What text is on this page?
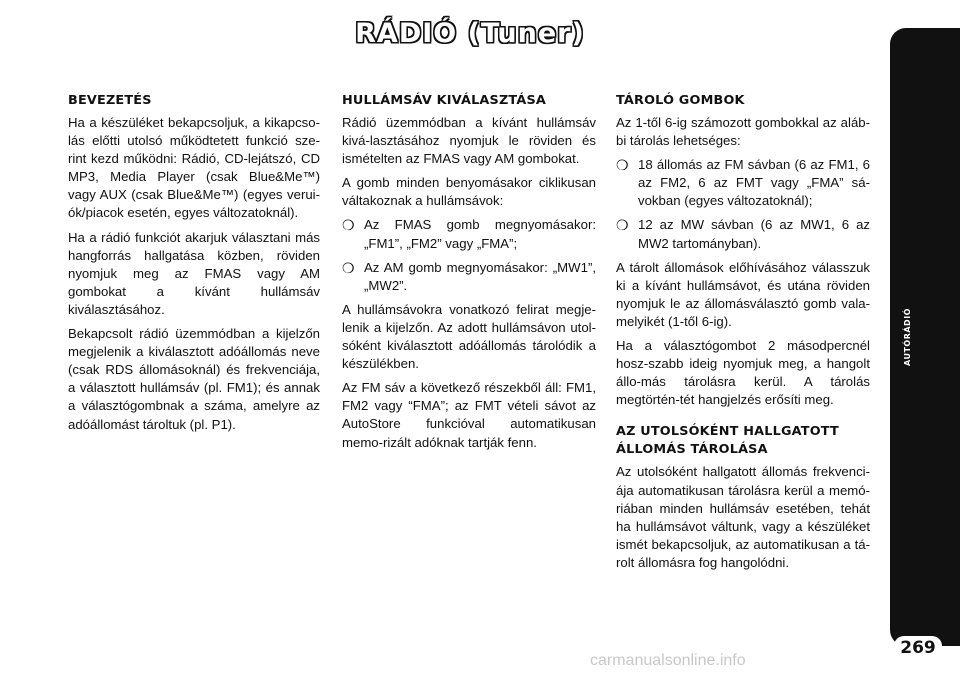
RÁDIÓ (Tuner)
BEVEZETÉS

Ha a készüléket bekapcsoljuk, a kikapcso-lás előtti utolsó működtetett funkció sze-rint kezd működni: Rádió, CD-lejátszó, CD MP3, Media Player (csak Blue&Me™) vagy AUX (csak Blue&Me™) (egyes verui-ók/piacok esetén, egyes változatoknál).

Ha a rádió funkciót akarjuk választani más hangforrás hallgatása közben, röviden nyomjuk meg az FMAS vagy AM gombokat a kívánt hullámsáv kiválasztásához.

Bekapcsolt rádió üzemmódban a kijelzőn megjelenik a kiválasztott adóállomás neve (csak RDS állomásoknál) és frekvenciája, a választott hullámsáv (pl. FM1); és annak a választógombnak a száma, amelyre az adóállomást tároltuk (pl. P1).

HULLÁMSÁV KIVÁLASZTÁSA

Rádió üzemmódban a kívánt hullámsáv kivá-lasztásához nyomjuk le röviden és ismételten az FMAS vagy AM gombokat.

A gomb minden benyomásakor ciklikusan váltakoznak a hullámsávok:

❍ Az FMAS gomb megnyomásakor: „FM1”, „FM2” vagy „FMA”;
❍ Az AM gomb megnyomásakor: „MW1”, „MW2”.

A hullámsávokra vonatkozó felirat megje-lenik a kijelzőn. Az adott hullámsávon utol-sóként kiválasztott adóállomás tárolódik a készülékben.

Az FM sáv a következő részekből áll: FM1, FM2 vagy “FMA”; az FMT vételi sávot az AutoStore funkcióval automatikusan memo-rizált adóknak tartják fenn.

TÁROLÓ GOMBOK

Az 1-től 6-ig számozott gombokkal az aláb-bi tárolás lehetséges:

❍ 18 állomás az FM sávban (6 az FM1, 6 az FM2, 6 az FMT vagy „FMA” sá-vokban (egyes változatoknál);
❍ 12 az MW sávban (6 az MW1, 6 az MW2 tartományban).

A tárolt állomások előhívásához válasszuk ki a kívánt hullámsávot, és utána röviden nyomjuk le az állomásválasztó gomb vala-melyikét (1-től 6-ig).

Ha a választógombot 2 másodpercnél hosz-szabb ideig nyomjuk meg, a hangolt állo-más tárolásra kerül. A tárolás megtörtén-tét hangjelzés erősíti meg.

AZ UTOLSÓKÉNT HALLGATOTT
ÁLLOMÁS TÁROLÁSA

Az utolsóként hallgatott állomás frekvenci-ája automatikusan tárolásra kerül a memó-riában minden hullámsáv esetében, tehát ha hullámsávot váltunk, vagy a készüléket ismét bekapcsoljuk, az automatikusan a tá-rolt állomásra fog hangolódni.

AUTÓRÁDIÓ
269
carmanualsonline.info
